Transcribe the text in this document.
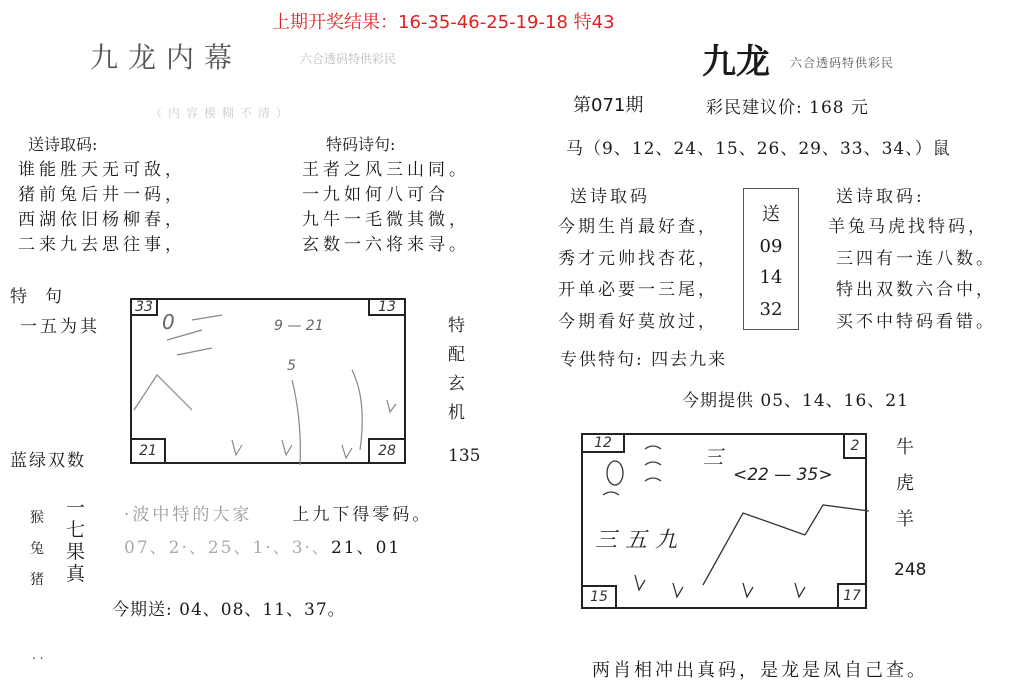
上期开奖结果：16-35-46-25-19-18 特43
九龙内幕	六合透码特供彩民
（内容模糊不清）
送诗取码:
谁能胜天无可敌，
猪前兔后井一码，
西湖依旧杨柳春，
二来九去思往事，
特码诗句:
王者之风三山同。
一九如何八可合
九牛一毛微其微，
玄数一六将来寻。
特句
一五为其
蓝绿双数
33	13
21	28
0	9 — 21
5
特
配
玄
机
135
猴
兔
猪
一
七
果
真
·波中特的大家　　上九下得零码。
07、2·、25、1·、3·、21、01
今期送: 04、08、11、37。
. .
九龙 六合透码特供彩民
第071期	彩民建议价: 168 元
马（9、12、24、15、26、29、33、34、）鼠
送诗取码
今期生肖最好查，
秀才元帅找杏花，
开单必要一三尾，
今期看好莫放过，
送
09
14
32
送诗取码:
羊兔马虎找特码，
三四有一连八数。
特出双数六合中，
买不中特码看错。
专供特句: 四去九来
今期提供 05、14、16、21
12	2
15	17
三
<22 — 35>
三五九
牛
虎
羊
248
两肖相冲出真码，是龙是凤自己查。
